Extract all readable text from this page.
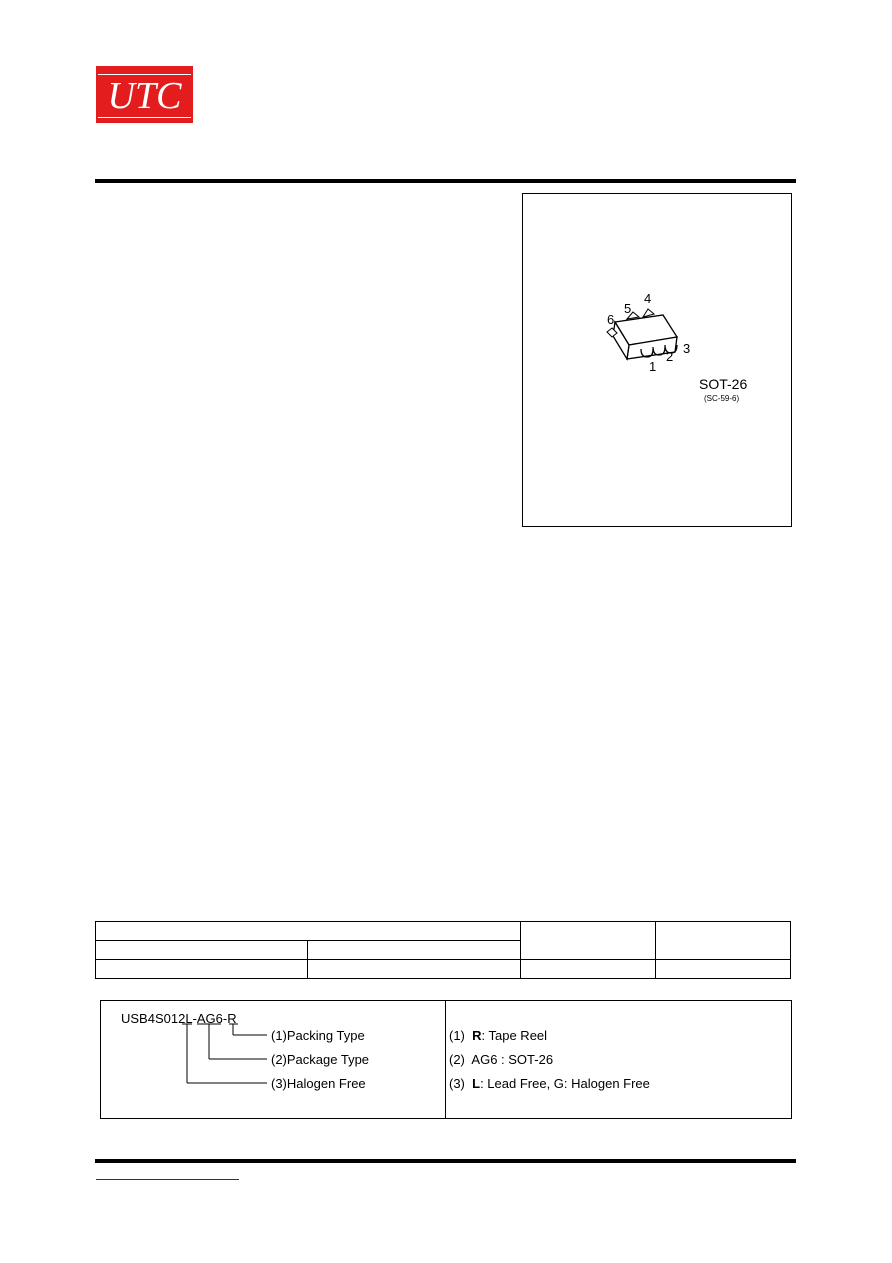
UTC
6
5
4
3
2
1
SOT-26
(SC-59-6)

USB4S012L-AG6-R
(1)Packing Type
(2)Package Type
(3)Halogen Free
(1) R: Tape Reel
(2) AG6 : SOT-26
(3) L: Lead Free, G: Halogen Free
